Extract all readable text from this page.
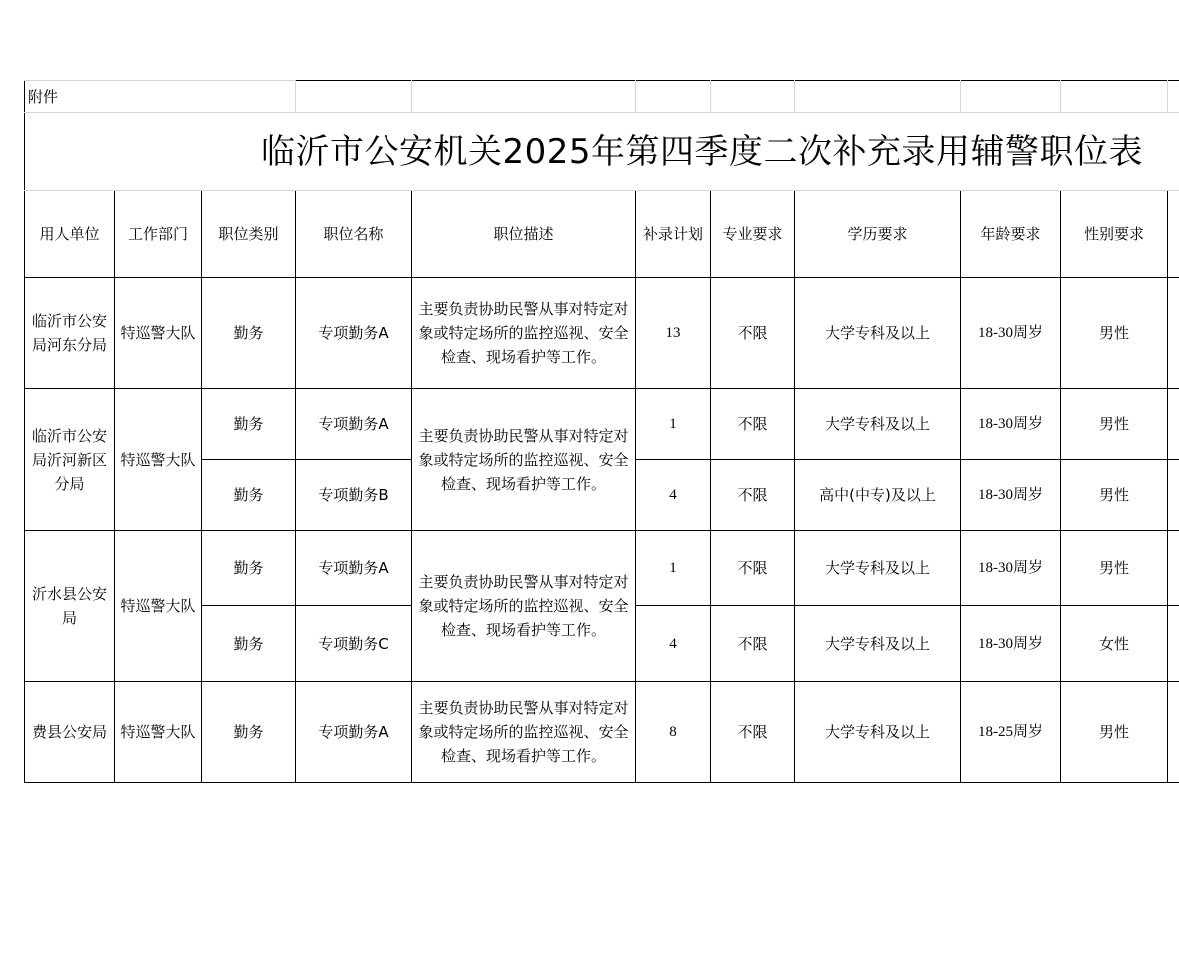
附件										
临沂市公安机关2025年第四季度二次补充录用辅警职位表										
用人单位	工作部门	职位类别	职位名称	职位描述	补录计划	专业要求	学历要求	年龄要求	性别要求	
临沂市公安局河东分局	特巡警大队	勤务	专项勤务A	主要负责协助民警从事对特定对象或特定场所的监控巡视、安全检查、现场看护等工作。	13	不限	大学专科及以上	18-30周岁	男性	
临沂市公安局沂河新区分局	特巡警大队	勤务	专项勤务A	主要负责协助民警从事对特定对象或特定场所的监控巡视、安全检查、现场看护等工作。	1	不限	大学专科及以上	18-30周岁	男性	
		勤务	专项勤务B		4	不限	高中(中专)及以上	18-30周岁	男性	
沂水县公安局	特巡警大队	勤务	专项勤务A	主要负责协助民警从事对特定对象或特定场所的监控巡视、安全检查、现场看护等工作。	1	不限	大学专科及以上	18-30周岁	男性	
		勤务	专项勤务C		4	不限	大学专科及以上	18-30周岁	女性	
费县公安局	特巡警大队	勤务	专项勤务A	主要负责协助民警从事对特定对象或特定场所的监控巡视、安全检查、现场看护等工作。	8	不限	大学专科及以上	18-25周岁	男性	
